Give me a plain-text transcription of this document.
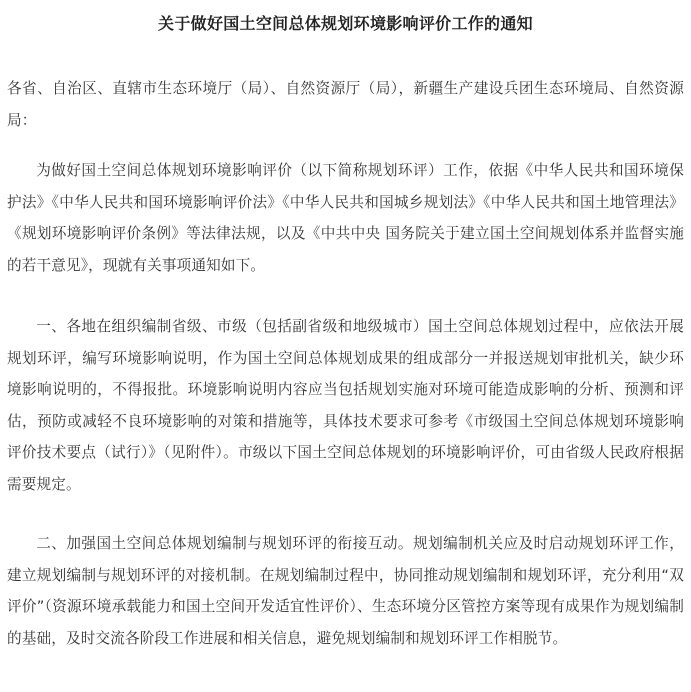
关于做好国土空间总体规划环境影响评价工作的通知

各省、自治区、直辖市生态环境厅（局）、自然资源厅（局），新疆生产建设兵团生态环境局、自然资源局：

为做好国土空间总体规划环境影响评价（以下简称规划环评）工作，依据《中华人民共和国环境保护法》《中华人民共和国环境影响评价法》《中华人民共和国城乡规划法》《中华人民共和国土地管理法》《规划环境影响评价条例》等法律法规，以及《中共中央 国务院关于建立国土空间规划体系并监督实施的若干意见》，现就有关事项通知如下。

一、各地在组织编制省级、市级（包括副省级和地级城市）国土空间总体规划过程中，应依法开展规划环评，编写环境影响说明，作为国土空间总体规划成果的组成部分一并报送规划审批机关，缺少环境影响说明的，不得报批。环境影响说明内容应当包括规划实施对环境可能造成影响的分析、预测和评估，预防或减轻不良环境影响的对策和措施等，具体技术要求可参考《市级国土空间总体规划环境影响评价技术要点（试行）》（见附件）。市级以下国土空间总体规划的环境影响评价，可由省级人民政府根据需要规定。

二、加强国土空间总体规划编制与规划环评的衔接互动。规划编制机关应及时启动规划环评工作，建立规划编制与规划环评的对接机制。在规划编制过程中，协同推动规划编制和规划环评，充分利用“双评价”（资源环境承载能力和国土空间开发适宜性评价）、生态环境分区管控方案等现有成果作为规划编制的基础，及时交流各阶段工作进展和相关信息，避免规划编制和规划环评工作相脱节。
